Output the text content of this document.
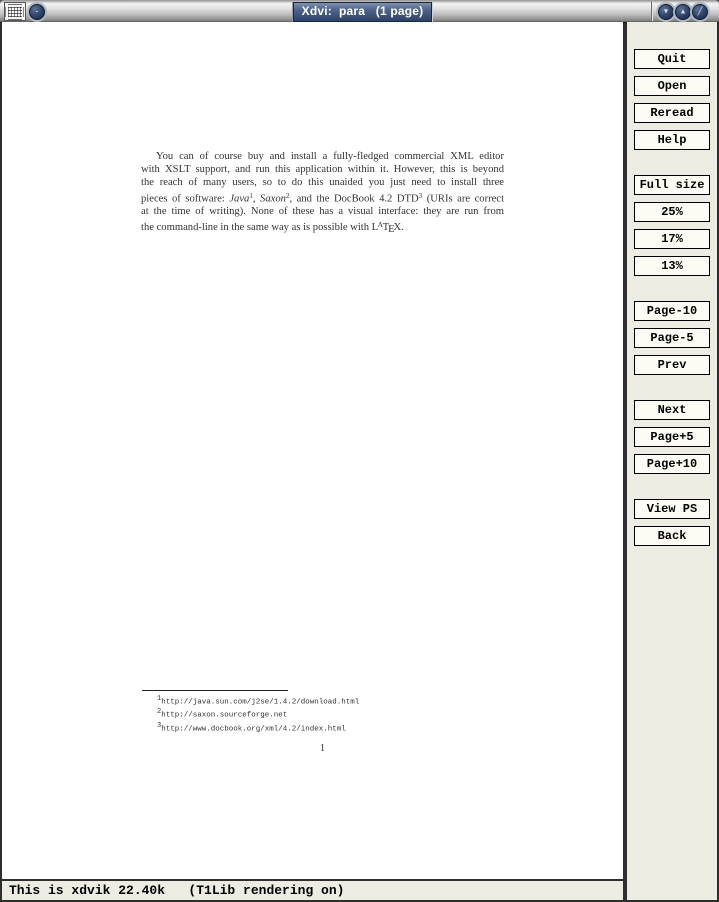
‑	Xdvi:  para   (1 page)	▾	▴	╱
You can of course buy and install a fully-fledged commercial XML editor
with XSLT support, and run this application within it. However, this is beyond
the reach of many users, so to do this unaided you just need to install three
pieces of software: Java$^1$, Saxon$^2$, and the DocBook 4.2 DTD$^3$ (URIs are correct
at the time of writing). None of these has a visual interface: they are run from
the command-line in the same way as is possible with $L^ATEX$.
1http://java.sun.com/j2se/1.4.2/download.html
2http://saxon.sourceforge.net
3http://www.docbook.org/xml/4.2/index.html
1
Quit
Open
Reread
Help
Full size
25%
17%
13%
Page-10
Page-5
Prev
Next
Page+5
Page+10
View PS
Back
This is xdvik 22.40k   (T1Lib rendering on)
